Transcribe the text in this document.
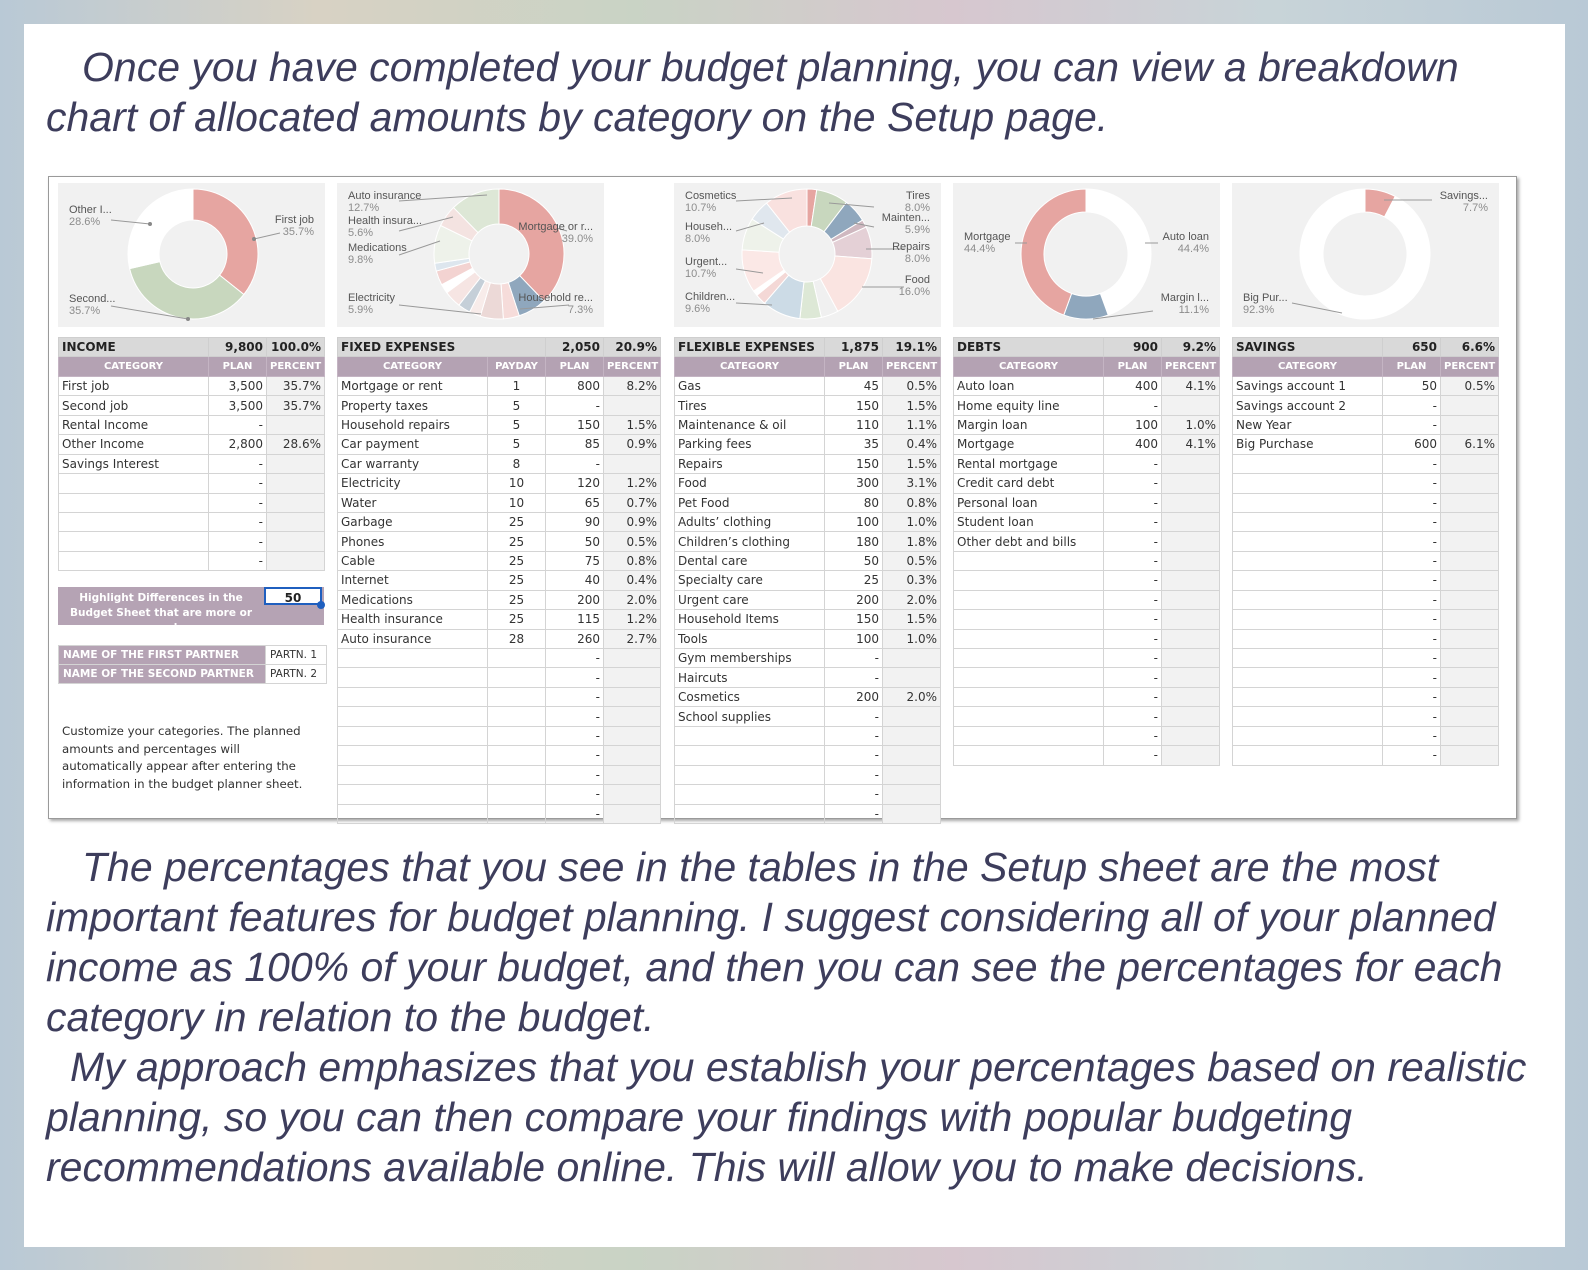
Once you have completed your budget planning, you can view a breakdown chart of allocated amounts by category on the Setup page.

Other I...
28.6%	First job
35.7%
Second...
35.7%
Auto insurance
12.7%
Health insura...
5.6%
Medications
9.8%
Mortgage or r...
39.0%
Electricity
5.9%
Household re...
7.3%
Cosmetics
10.7%
Househ...
8.0%
Urgent...
10.7%
Children...
9.6%
Tires
8.0%
Mainten...
5.9%
Repairs
8.0%
Food
16.0%
Mortgage
44.4%
Auto loan
44.4%
Margin l...
11.1%
Savings...
7.7%
Big Pur...
92.3%
INCOME	9,800	100.0%
CATEGORY	PLAN	PERCENT
First job	3,500	35.7%
Second job	3,500	35.7%
Rental Income	-	
Other Income	2,800	28.6%
Savings Interest	-	
	-	
	-	
	-	
	-	
	-	
FIXED EXPENSES		2,050	20.9%
CATEGORY	PAYDAY	PLAN	PERCENT
Mortgage or rent	1	800	8.2%
Property taxes	5	-	
Household repairs	5	150	1.5%
Car payment	5	85	0.9%
Car warranty	8	-	
Electricity	10	120	1.2%
Water	10	65	0.7%
Garbage	25	90	0.9%
Phones	25	50	0.5%
Cable	25	75	0.8%
Internet	25	40	0.4%
Medications	25	200	2.0%
Health insurance	25	115	1.2%
Auto insurance	28	260	2.7%
		-	
		-	
		-	
		-	
		-	
		-	
		-	
		-	
		-	
FLEXIBLE EXPENSES	1,875	19.1%
CATEGORY	PLAN	PERCENT
Gas	45	0.5%
Tires	150	1.5%
Maintenance & oil	110	1.1%
Parking fees	35	0.4%
Repairs	150	1.5%
Food	300	3.1%
Pet Food	80	0.8%
Adults’ clothing	100	1.0%
Children’s clothing	180	1.8%
Dental care	50	0.5%
Specialty care	25	0.3%
Urgent care	200	2.0%
Household Items	150	1.5%
Tools	100	1.0%
Gym memberships	-	
Haircuts	-	
Cosmetics	200	2.0%
School supplies	-	
	-	
	-	
	-	
	-	
	-	
DEBTS	900	9.2%
CATEGORY	PLAN	PERCENT
Auto loan	400	4.1%
Home equity line	-	
Margin loan	100	1.0%
Mortgage	400	4.1%
Rental mortgage	-	
Credit card debt	-	
Personal loan	-	
Student loan	-	
Other debt and bills	-	
	-	
	-	
	-	
	-	
	-	
	-	
	-	
	-	
	-	
	-	
	-	
SAVINGS	650	6.6%
CATEGORY	PLAN	PERCENT
Savings account 1	50	0.5%
Savings account 2	-	
New Year	-	
Big Purchase	600	6.1%
	-	
	-	
	-	
	-	
	-	
	-	
	-	
	-	
	-	
	-	
	-	
	-	
	-	
	-	
	-	
	-	
Highlight Differences in the Budget Sheet that are more or equal
50
NAME OF THE FIRST PARTNER	PARTN. 1
NAME OF THE SECOND PARTNER	PARTN. 2
Customize your categories. The planned amounts and percentages will automatically appear after entering the information in the budget planner sheet.

The percentages that you see in the tables in the Setup sheet are the most important features for budget planning. I suggest considering all of your planned income as 100% of your budget, and then you can see the percentages for each category in relation to the budget.

My approach emphasizes that you establish your percentages based on realistic planning, so you can then compare your findings with popular budgeting recommendations available online. This will allow you to make decisions.
